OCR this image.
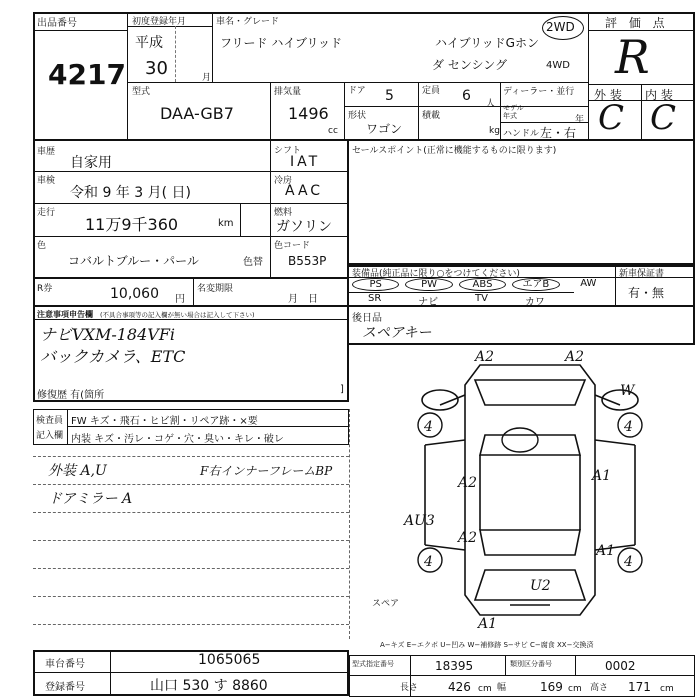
出品番号
4217
初度登録年月
平成
30	月
車名・グレード
フリード ハイブリッド	ハイブリッドGホン
ダ センシング
2WD
4WD
評 価 点
R
外 装 内 装
C C
型式
DAA-GB7
排気量
1496
cc
ドア 5	定員 6 人
ディーラー・並行
形状
ワゴン
積載
kg
モデル年式	年
ハンドル 左・右
車歴
自家用
車検
令和 9 年 3 月( 日)
走行
11万9千360	km
色
コバルトブルー・パール	色替
シフト
IAT
冷房
AAC
燃料
ガソリン
色コード
B553P
セールスポイント(正常に機能するものに限ります)
R券	10,060 円
名変期限
月　日
装備品(純正品に限り○をつけてください)
PS	PW	ABS	エアB	AW
SR	ナビ	TV	カワ
新車保証書
有・無
後日品
スペアキー
注意事項申告欄 (不具合事項等の記入欄が無い場合は記入して下さい)
ナビVXM-184VFi
バックカメラ、ETC
修復歴 有(箇所
]
検査員
記入欄
FW キズ・飛石・ヒビ割・リペア跡・×要
内装 キズ・汚レ・コゲ・穴・臭い・キレ・破レ
外装 A,U	F右インナーフレームBP
ドアミラー A
A2	A2
W
4	4
A1
A2
AU3
A2
4	4
A1
U2
A1
スペア
A−キズ E−エクボ U−凹み W−補修跡 S−サビ C−腐食 XX−交換済
車台番号	1065065
登録番号	山口 530 す 8860
型式指定番号	18395	類別区分番号	0002
長さ 426 cm 幅	169 cm 高さ 171 cm
